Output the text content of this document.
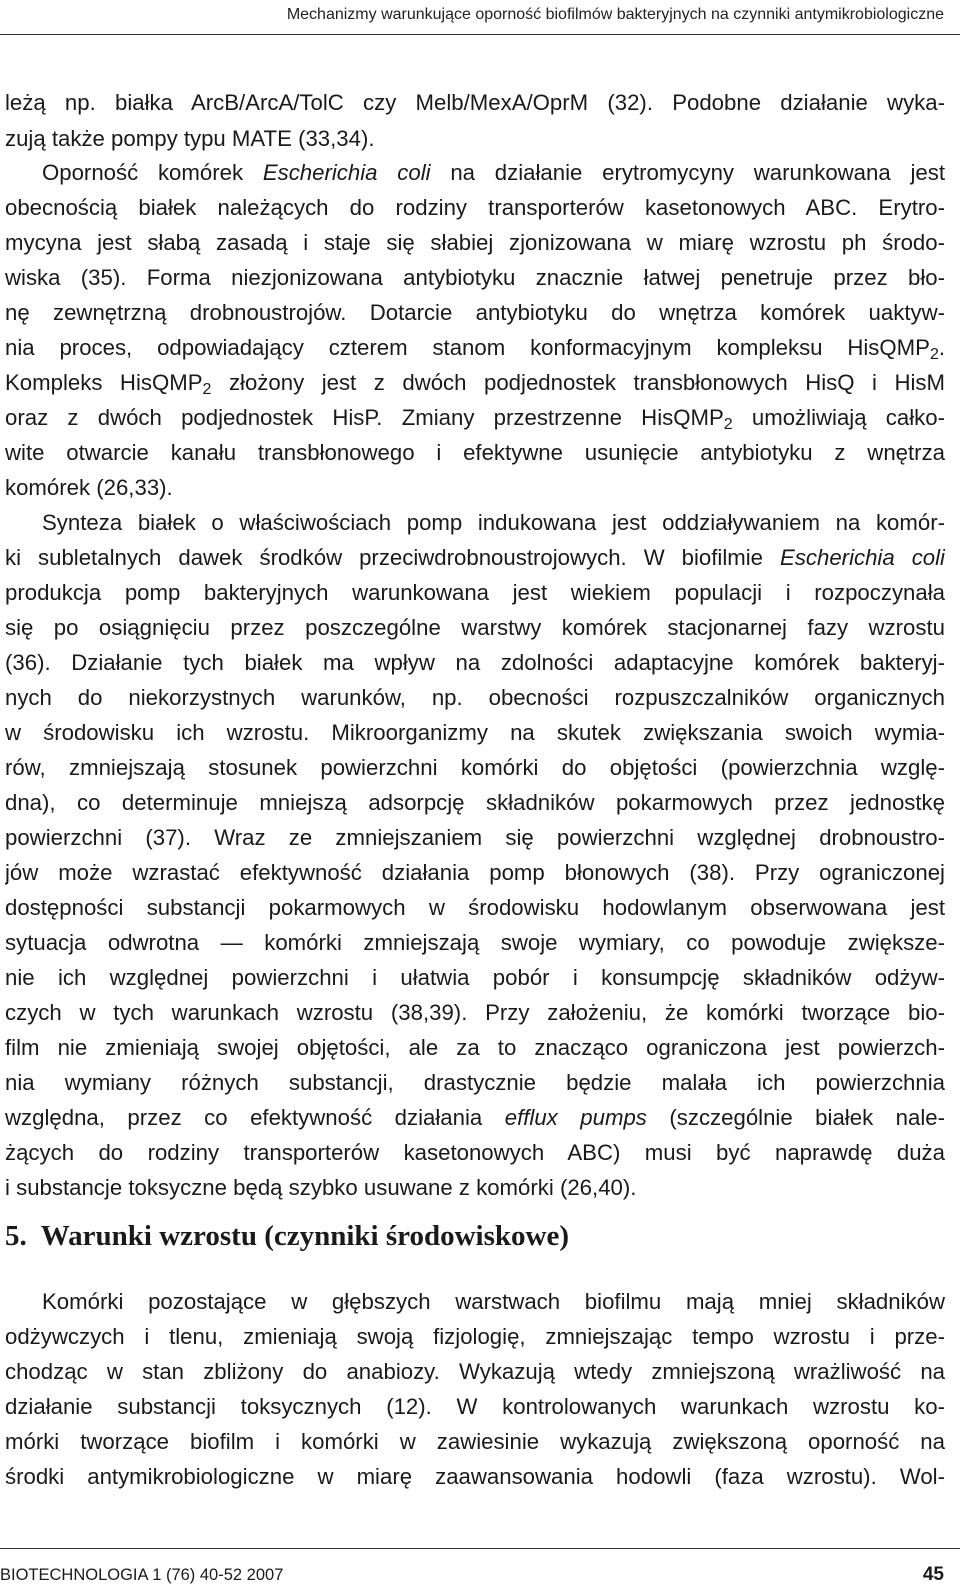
Mechanizmy warunkujące oporność biofilmów bakteryjnych na czynniki antymikrobiologiczne
leżą np. białka ArcB/ArcA/TolC czy Melb/MexA/OprM (32). Podobne działanie wyka-
zują także pompy typu MATE (33,34).
Oporność komórek Escherichia coli na działanie erytromycyny warunkowana jest
obecnością białek należących do rodziny transporterów kasetonowych ABC. Erytro-
mycyna jest słabą zasadą i staje się słabiej zjonizowana w miarę wzrostu ph środo-
wiska (35). Forma niezjonizowana antybiotyku znacznie łatwej penetruje przez bło-
nę zewnętrzną drobnoustrojów. Dotarcie antybiotyku do wnętrza komórek uaktyw-
nia proces, odpowiadający czterem stanom konformacyjnym kompleksu HisQMP$_2$.
Kompleks HisQMP$_2$ złożony jest z dwóch podjednostek transbłonowych HisQ i HisM
oraz z dwóch podjednostek HisP. Zmiany przestrzenne HisQMP$_2$ umożliwiają całko-
wite otwarcie kanału transbłonowego i efektywne usunięcie antybiotyku z wnętrza
komórek (26,33).
Synteza białek o właściwościach pomp indukowana jest oddziaływaniem na komór-
ki subletalnych dawek środków przeciwdrobnoustrojowych. W biofilmie Escherichia coli
produkcja pomp bakteryjnych warunkowana jest wiekiem populacji i rozpoczynała
się po osiągnięciu przez poszczególne warstwy komórek stacjonarnej fazy wzrostu
(36). Działanie tych białek ma wpływ na zdolności adaptacyjne komórek bakteryj-
nych do niekorzystnych warunków, np. obecności rozpuszczalników organicznych
w środowisku ich wzrostu. Mikroorganizmy na skutek zwiększania swoich wymia-
rów, zmniejszają stosunek powierzchni komórki do objętości (powierzchnia wzglę-
dna), co determinuje mniejszą adsorpcję składników pokarmowych przez jednostkę
powierzchni (37). Wraz ze zmniejszaniem się powierzchni względnej drobnoustro-
jów może wzrastać efektywność działania pomp błonowych (38). Przy ograniczonej
dostępności substancji pokarmowych w środowisku hodowlanym obserwowana jest
sytuacja odwrotna — komórki zmniejszają swoje wymiary, co powoduje zwiększe-
nie ich względnej powierzchni i ułatwia pobór i konsumpcję składników odżyw-
czych w tych warunkach wzrostu (38,39). Przy założeniu, że komórki tworzące bio-
film nie zmieniają swojej objętości, ale za to znacząco ograniczona jest powierzch-
nia wymiany różnych substancji, drastycznie będzie malała ich powierzchnia
względna, przez co efektywność działania efflux pumps (szczególnie białek nale-
żących do rodziny transporterów kasetonowych ABC) musi być naprawdę duża
i substancje toksyczne będą szybko usuwane z komórki (26,40).
5. Warunki wzrostu (czynniki środowiskowe)
Komórki pozostające w głębszych warstwach biofilmu mają mniej składników
odżywczych i tlenu, zmieniają swoją fizjologię, zmniejszając tempo wzrostu i prze-
chodząc w stan zbliżony do anabiozy. Wykazują wtedy zmniejszoną wrażliwość na
działanie substancji toksycznych (12). W kontrolowanych warunkach wzrostu ko-
mórki tworzące biofilm i komórki w zawiesinie wykazują zwiększoną oporność na
środki antymikrobiologiczne w miarę zaawansowania hodowli (faza wzrostu). Wol-
BIOTECHNOLOGIA 1 (76) 40-52 2007	45
